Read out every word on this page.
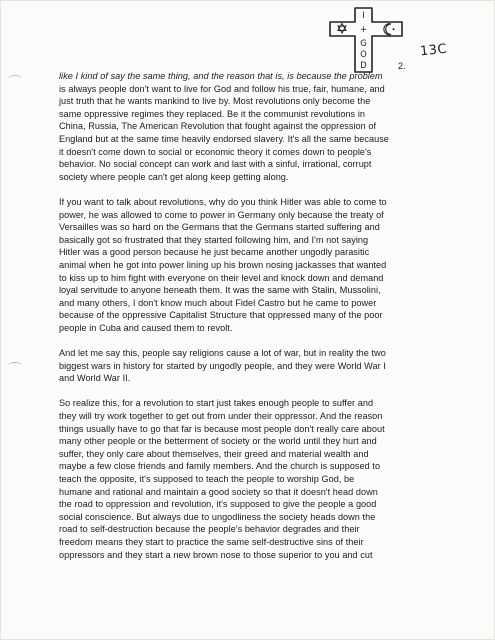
I
+
G
O
D
13C
2.

like I kind of say the same thing, and the reason that is, is because the problem
is always people don't want to live for God and follow his true, fair, humane, and
just truth that he wants mankind to live by. Most revolutions only become the
same oppressive regimes they replaced. Be it the communist revolutions in
China, Russia, The American Revolution that fought against the oppression of
England but at the same time heavily endorsed slavery. It's all the same because
it doesn't come down to social or economic theory it comes down to people's
behavior. No social concept can work and last with a sinful, irrational, corrupt
society where people can't get along keep getting along.

If you want to talk about revolutions, why do you think Hitler was able to come to
power, he was allowed to come to power in Germany only because the treaty of
Versailles was so hard on the Germans that the Germans started suffering and
basically got so frustrated that they started following him, and I'm not saying
Hitler was a good person because he just became another ungodly parasitic
animal when he got into power lining up his brown nosing jackasses that wanted
to kiss up to him fight with everyone on their level and knock down and demand
loyal servitude to anyone beneath them. It was the same with Stalin, Mussolini,
and many others, I don't know much about Fidel Castro but he came to power
because of the oppressive Capitalist Structure that oppressed many of the poor
people in Cuba and caused them to revolt.

And let me say this, people say religions cause a lot of war, but in reality the two
biggest wars in history for started by ungodly people, and they were World War I
and World War II.

So realize this, for a revolution to start just takes enough people to suffer and
they will try work together to get out from under their oppressor. And the reason
things usually have to go that far is because most people don't really care about
many other people or the betterment of society or the world until they hurt and
suffer, they only care about themselves, their greed and material wealth and
maybe a few close friends and family members. And the church is supposed to
teach the opposite, it's supposed to teach the people to worship God, be
humane and rational and maintain a good society so that it doesn't head down
the road to oppression and revolution, it's supposed to give the people a good
social conscience. But always due to ungodliness the society heads down the
road to self-destruction because the people's behavior degrades and their
freedom means they start to practice the same self-destructive sins of their
oppressors and they start a new brown nose to those superior to you and cut
